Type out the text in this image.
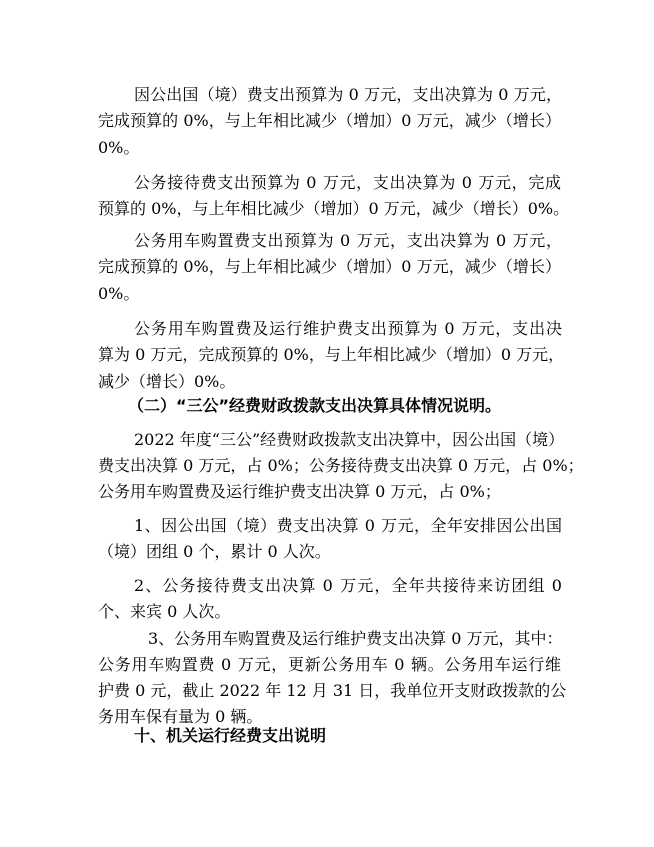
因公出国（境）费支出预算为 0 万元，支出决算为 0 万元，

完成预算的 0%，与上年相比减少（增加）0 万元，减少（增长）

0%。

公务接待费支出预算为 0 万元，支出决算为 0 万元，完成

预算的 0%，与上年相比减少（增加）0 万元，减少（增长）0%。

公务用车购置费支出预算为 0 万元，支出决算为 0 万元，

完成预算的 0%，与上年相比减少（增加）0 万元，减少（增长）

0%。

公务用车购置费及运行维护费支出预算为 0 万元，支出决

算为 0 万元，完成预算的 0%，与上年相比减少（增加）0 万元，

减少（增长）0%。

（二）“三公”经费财政拨款支出决算具体情况说明。

2022 年度“三公”经费财政拨款支出决算中，因公出国（境）

费支出决算 0 万元，占 0%；公务接待费支出决算 0 万元，占 0%；

公务用车购置费及运行维护费支出决算 0 万元，占 0%；

1、因公出国（境）费支出决算 0 万元，全年安排因公出国

（境）团组 0 个，累计 0 人次。

2、公务接待费支出决算 0 万元，全年共接待来访团组 0

个、来宾 0 人次。

3、公务用车购置费及运行维护费支出决算 0 万元，其中：

公务用车购置费 0 万元，更新公务用车 0 辆。公务用车运行维

护费 0 元，截止 2022 年 12 月 31 日，我单位开支财政拨款的公

务用车保有量为 0 辆。

十、机关运行经费支出说明
